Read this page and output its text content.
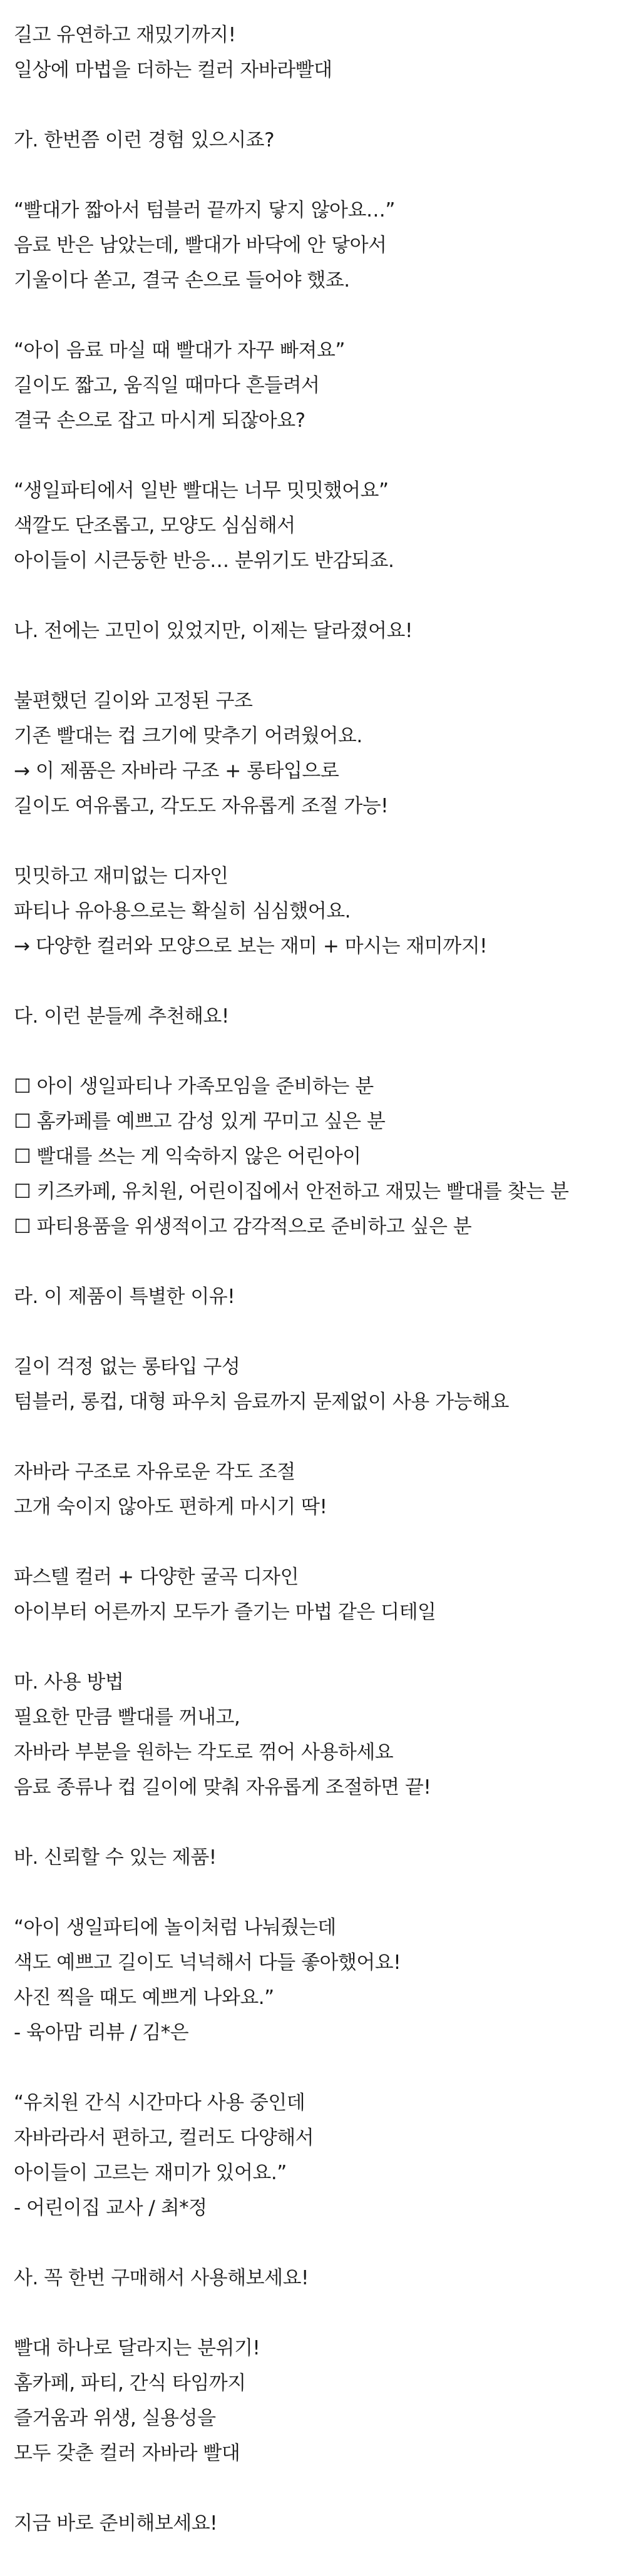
길고 유연하고 재밌기까지!
일상에 마법을 더하는 컬러 자바라빨대
가. 한번쯤 이런 경험 있으시죠?
“빨대가 짧아서 텀블러 끝까지 닿지 않아요…”
음료 반은 남았는데, 빨대가 바닥에 안 닿아서
기울이다 쏟고, 결국 손으로 들어야 했죠.
“아이 음료 마실 때 빨대가 자꾸 빠져요”
길이도 짧고, 움직일 때마다 흔들려서
결국 손으로 잡고 마시게 되잖아요?
“생일파티에서 일반 빨대는 너무 밋밋했어요”
색깔도 단조롭고, 모양도 심심해서
아이들이 시큰둥한 반응… 분위기도 반감되죠.
나. 전에는 고민이 있었지만, 이제는 달라졌어요!
불편했던 길이와 고정된 구조
기존 빨대는 컵 크기에 맞추기 어려웠어요.
→ 이 제품은 자바라 구조 + 롱타입으로
길이도 여유롭고, 각도도 자유롭게 조절 가능!
밋밋하고 재미없는 디자인
파티나 유아용으로는 확실히 심심했어요.
→ 다양한 컬러와 모양으로 보는 재미 + 마시는 재미까지!
다. 이런 분들께 추천해요!
☐ 아이 생일파티나 가족모임을 준비하는 분
☐ 홈카페를 예쁘고 감성 있게 꾸미고 싶은 분
☐ 빨대를 쓰는 게 익숙하지 않은 어린아이
☐ 키즈카페, 유치원, 어린이집에서 안전하고 재밌는 빨대를 찾는 분
☐ 파티용품을 위생적이고 감각적으로 준비하고 싶은 분
라. 이 제품이 특별한 이유!
길이 걱정 없는 롱타입 구성
텀블러, 롱컵, 대형 파우치 음료까지 문제없이 사용 가능해요
자바라 구조로 자유로운 각도 조절
고개 숙이지 않아도 편하게 마시기 딱!
파스텔 컬러 + 다양한 굴곡 디자인
아이부터 어른까지 모두가 즐기는 마법 같은 디테일
마. 사용 방법
필요한 만큼 빨대를 꺼내고,
자바라 부분을 원하는 각도로 꺾어 사용하세요
음료 종류나 컵 길이에 맞춰 자유롭게 조절하면 끝!
바. 신뢰할 수 있는 제품!
“아이 생일파티에 놀이처럼 나눠줬는데
색도 예쁘고 길이도 넉넉해서 다들 좋아했어요!
사진 찍을 때도 예쁘게 나와요.”
- 육아맘 리뷰 / 김*은
“유치원 간식 시간마다 사용 중인데
자바라라서 편하고, 컬러도 다양해서
아이들이 고르는 재미가 있어요.”
- 어린이집 교사 / 최*정
사. 꼭 한번 구매해서 사용해보세요!
빨대 하나로 달라지는 분위기!
홈카페, 파티, 간식 타임까지
즐거움과 위생, 실용성을
모두 갖춘 컬러 자바라 빨대
지금 바로 준비해보세요!
